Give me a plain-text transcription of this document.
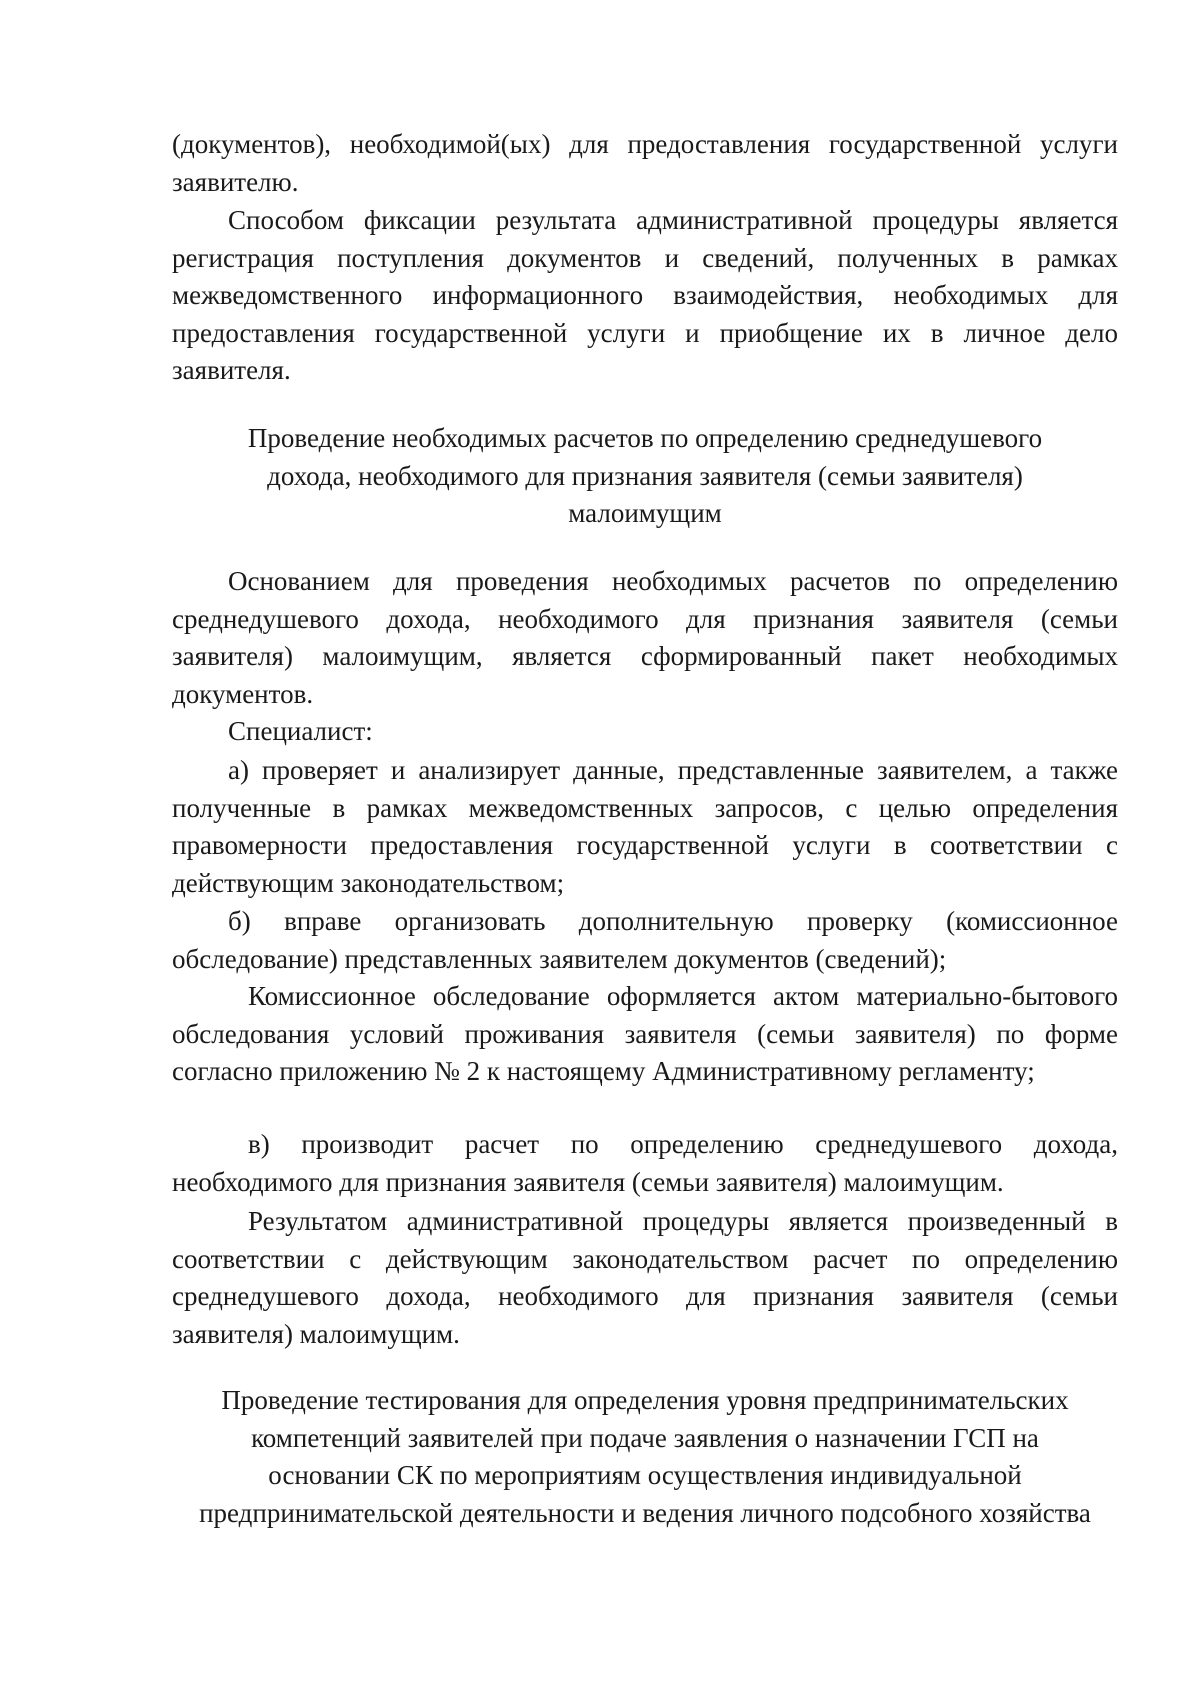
(документов), необходимой(ых) для предоставления государственной услуги заявителю.
Способом фиксации результата административной процедуры является регистрация поступления документов и сведений, полученных в рамках межведомственного информационного взаимодействия, необходимых для предоставления государственной услуги и приобщение их в личное дело заявителя.
Проведение необходимых расчетов по определению среднедушевого
дохода, необходимого для признания заявителя (семьи заявителя)
малоимущим
Основанием для проведения необходимых расчетов по определению среднедушевого дохода, необходимого для признания заявителя (семьи заявителя) малоимущим, является сформированный пакет необходимых документов.
Специалист:
а) проверяет и анализирует данные, представленные заявителем, а также полученные в рамках межведомственных запросов, с целью определения правомерности предоставления государственной услуги в соответствии с действующим законодательством;
б) вправе организовать дополнительную проверку (комиссионное обследование) представленных заявителем документов (сведений);
Комиссионное обследование оформляется актом материально-бытового обследования условий проживания заявителя (семьи заявителя) по форме согласно приложению № 2 к настоящему Административному регламенту;
в) производит расчет по определению среднедушевого дохода, необходимого для признания заявителя (семьи заявителя) малоимущим.
Результатом административной процедуры является произведенный в соответствии с действующим законодательством расчет по определению среднедушевого дохода, необходимого для признания заявителя (семьи заявителя) малоимущим.
Проведение тестирования для определения уровня предпринимательских
компетенций заявителей при подаче заявления о назначении ГСП на
основании СК по мероприятиям осуществления индивидуальной
предпринимательской деятельности и ведения личного подсобного хозяйства
